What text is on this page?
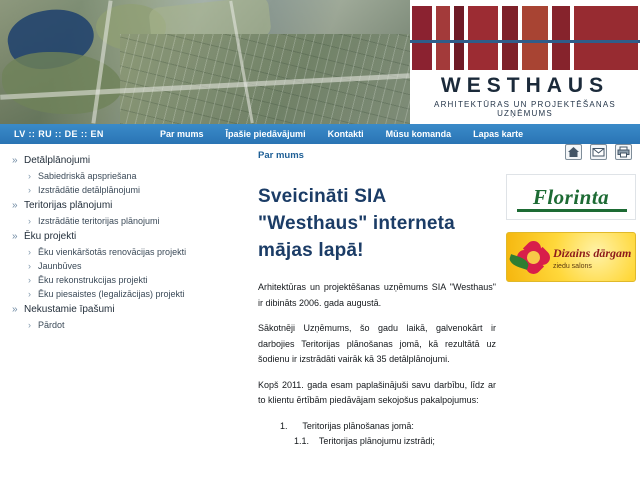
WESTHAUS
ARHITEKTŪRAS UN PROJEKTĒŠANAS UZŅĒMUMS
LV :: RU :: DE :: EN	Par mums Īpašie piedāvājumi Kontakti Mūsu komanda Lapas karte
» Detālplānojumi
› Sabiedriskā apspriešana
› Izstrādātie detālplānojumi
» Teritorijas plānojumi
› Izstrādātie teritorijas plānojumi
» Ēku projekti
› Ēku vienkāršotās renovācijas projekti
› Jaunbūves
› Ēku rekonstrukcijas projekti
› Ēku piesaistes (legalizācijas) projekti
» Nekustamie īpašumi
› Pārdot
Par mums
Sveicināti SIA
"Westhaus" interneta
mājas lapā!

Arhitektūras un projektēšanas uzņēmums SIA "Westhaus" ir dibināts 2006. gada augustā.

Sākotnēji Uzņēmums, šo gadu laikā, galvenokārt ir darbojies Teritorijas plānošanas jomā, kā rezultātā uz šodienu ir izstrādāti vairāk kā 35 detālplānojumi.

Kopš 2011. gada esam paplašinājuši savu darbību, līdz ar to klientu ērtībām piedāvājam sekojošus pakalpojumus:

1. Teritorijas plānošanas jomā:
1.1. Teritorijas plānojumu izstrādi;
Florinta
Dizains dārgam
ziedu salons
